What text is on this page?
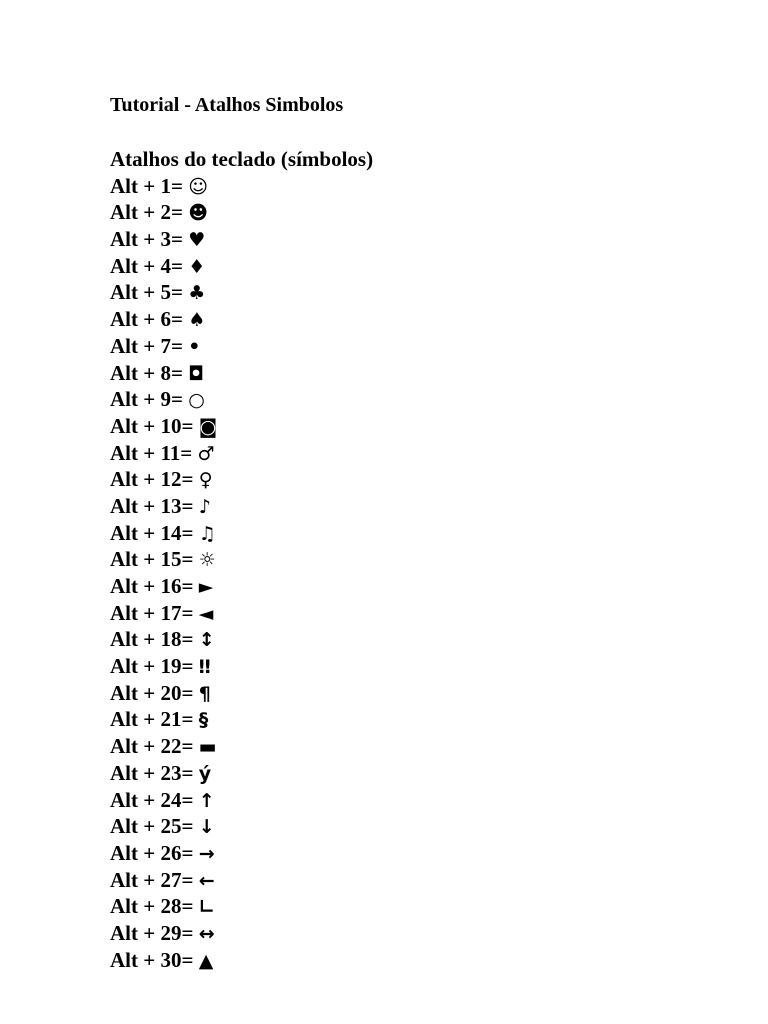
Tutorial - Atalhos Simbolos
Atalhos do teclado (símbolos)
Alt + 1= ☺
Alt + 2= ☻
Alt + 3= ♥
Alt + 4= ♦
Alt + 5= ♣
Alt + 6= ♠
Alt + 7= •
Alt + 8= ◘
Alt + 9= ○
Alt + 10= ◙
Alt + 11= ♂
Alt + 12= ♀
Alt + 13= ♪
Alt + 14= ♫
Alt + 15= ☼
Alt + 16= ►
Alt + 17= ◄
Alt + 18= ↕
Alt + 19= ‼
Alt + 20= ¶
Alt + 21= §
Alt + 22= ▬
Alt + 23= ý
Alt + 24= ↑
Alt + 25= ↓
Alt + 26= →
Alt + 27= ←
Alt + 28= ∟
Alt + 29= ↔
Alt + 30= ▲
